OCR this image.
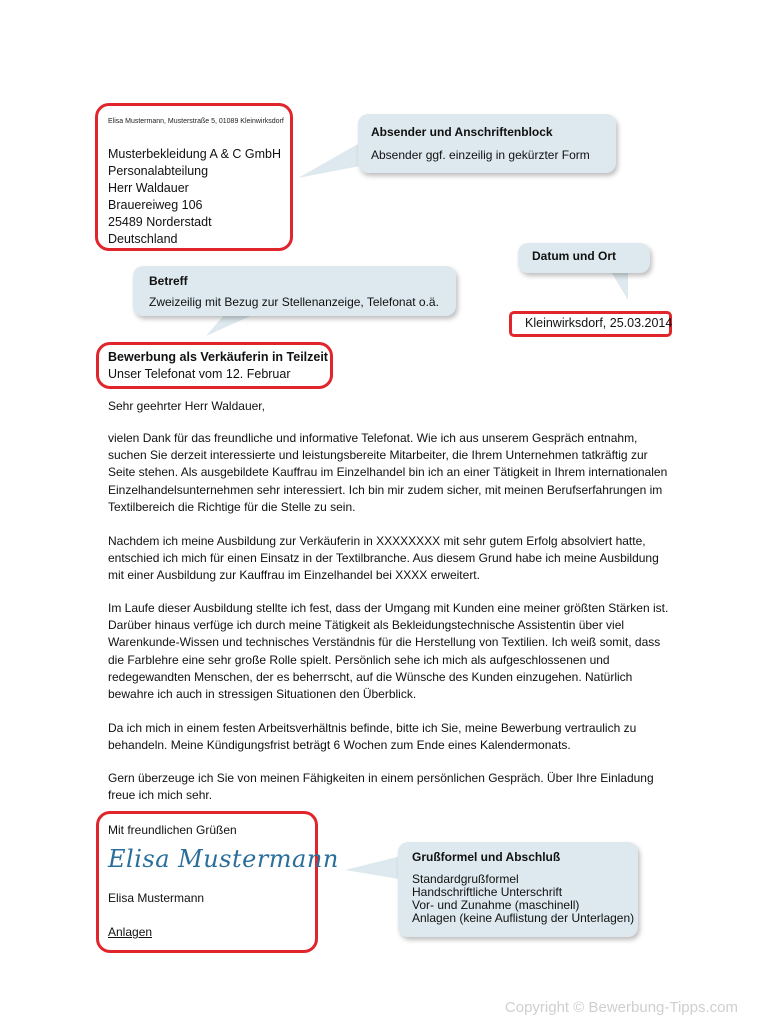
Elisa Mustermann, Musterstraße 5, 01089 Kleinwirksdorf
Musterbekleidung A & C GmbH
Personalabteilung
Herr Waldauer
Brauereiweg 106
25489 Norderstadt
Deutschland
Absender und Anschriftenblock
Absender ggf. einzeilig in gekürzter Form
Datum und Ort
Betreff
Zweizeilig mit Bezug zur Stellenanzeige, Telefonat o.ä.
Kleinwirksdorf, 25.03.2014
Bewerbung als Verkäuferin in Teilzeit
Unser Telefonat vom 12. Februar
Sehr geehrter Herr Waldauer,
vielen Dank für das freundliche und informative Telefonat. Wie ich aus unserem Gespräch entnahm, suchen Sie derzeit interessierte und leistungsbereite Mitarbeiter, die Ihrem Unternehmen tatkräftig zur Seite stehen. Als ausgebildete Kauffrau im Einzelhandel bin ich an einer Tätigkeit in Ihrem internationalen Einzelhandelsunternehmen sehr interessiert. Ich bin mir zudem sicher, mit meinen Berufserfahrungen im Textilbereich die Richtige für die Stelle zu sein.
Nachdem ich meine Ausbildung zur Verkäuferin in XXXXXXXX mit sehr gutem Erfolg absolviert hatte, entschied ich mich für einen Einsatz in der Textilbranche. Aus diesem Grund habe ich meine Ausbildung mit einer Ausbildung zur Kauffrau im Einzelhandel bei XXXX erweitert.
Im Laufe dieser Ausbildung stellte ich fest, dass der Umgang mit Kunden eine meiner größten Stärken ist. Darüber hinaus verfüge ich durch meine Tätigkeit als Bekleidungstechnische Assistentin über viel Warenkunde-Wissen und technisches Verständnis für die Herstellung von Textilien. Ich weiß somit, dass die Farblehre eine sehr große Rolle spielt. Persönlich sehe ich mich als aufgeschlossenen und redegewandten Menschen, der es beherrscht, auf die Wünsche des Kunden einzugehen. Natürlich bewahre ich auch in stressigen Situationen den Überblick.
Da ich mich in einem festen Arbeitsverhältnis befinde, bitte ich Sie, meine Bewerbung vertraulich zu behandeln. Meine Kündigungsfrist beträgt 6 Wochen zum Ende eines Kalendermonats.
Gern überzeuge ich Sie von meinen Fähigkeiten in einem persönlichen Gespräch. Über Ihre Einladung freue ich mich sehr.
Mit freundlichen Grüßen
Elisa Mustermann
Elisa Mustermann
Anlagen
Grußformel und Abschluß
Standardgrußformel
Handschriftliche Unterschrift
Vor- und Zunahme (maschinell)
Anlagen (keine Auflistung der Unterlagen)
Copyright © Bewerbung-Tipps.com
